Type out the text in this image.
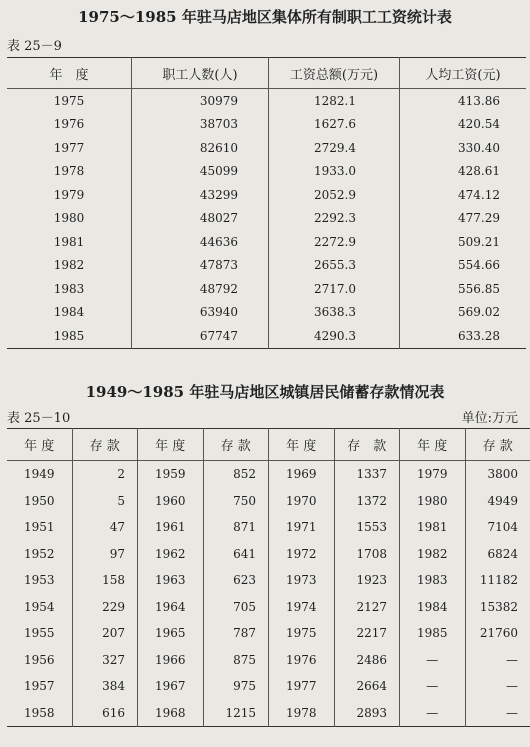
1975～1985 年驻马店地区集体所有制职工工资统计表
表 25－9
年　度	职工人数(人)	工资总额(万元)	人均工资(元)
1975	30979	1282.1	413.86
1976	38703	1627.6	420.54
1977	82610	2729.4	330.40
1978	45099	1933.0	428.61
1979	43299	2052.9	474.12
1980	48027	2292.3	477.29
1981	44636	2272.9	509.21
1982	47873	2655.3	554.66
1983	48792	2717.0	556.85
1984	63940	3638.3	569.02
1985	67747	4290.3	633.28
1949～1985 年驻马店地区城镇居民储蓄存款情况表
表 25－10	单位:万元
年 度	存 款	年 度	存 款	年 度	存　款	年 度	存 款
1949	2	1959	852	1969	1337	1979	3800
1950	5	1960	750	1970	1372	1980	4949
1951	47	1961	871	1971	1553	1981	7104
1952	97	1962	641	1972	1708	1982	6824
1953	158	1963	623	1973	1923	1983	11182
1954	229	1964	705	1974	2127	1984	15382
1955	207	1965	787	1975	2217	1985	21760
1956	327	1966	875	1976	2486	—	—
1957	384	1967	975	1977	2664	—	—
1958	616	1968	1215	1978	2893	—	—
